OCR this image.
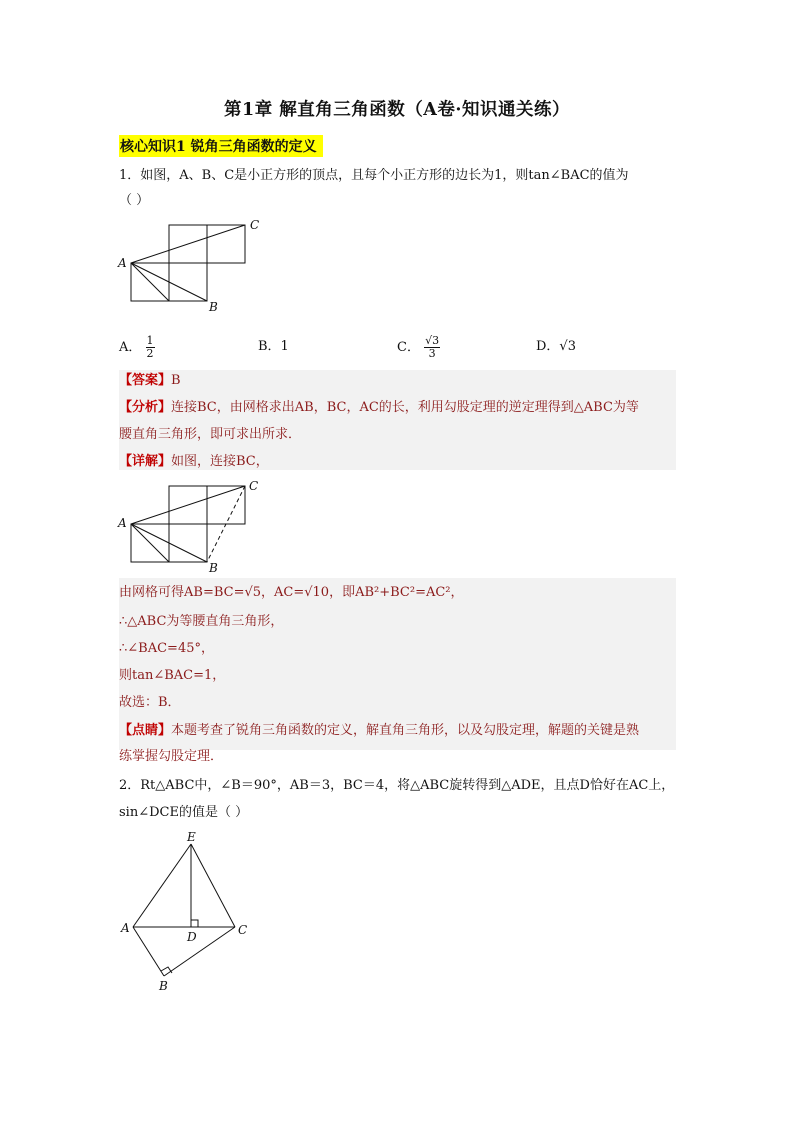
第1章 解直角三角函数（A卷·知识通关练）
核心知识1 锐角三角函数的定义
1．如图，A、B、C是小正方形的顶点，且每个小正方形的边长为1，则tan∠BAC的值为
（ ）
A
C
B
A． $\frac{1}{2}$	B．1	C． $\frac{√3}{3}$	D．√3
【答案】B
【分析】连接BC，由网格求出AB，BC，AC的长，利用勾股定理的逆定理得到△ABC为等
腰直角三角形，即可求出所求．
【详解】如图，连接BC，
A
C
B
由网格可得AB=BC=√5，AC=√10，即AB²+BC²=AC²，
∴△ABC为等腰直角三角形，
∴∠BAC=45°，
则tan∠BAC=1，
故选：B．
【点睛】本题考查了锐角三角函数的定义，解直角三角形，以及勾股定理，解题的关键是熟
练掌握勾股定理．
2．Rt△ABC中，∠B＝90°，AB＝3，BC＝4，将△ABC旋转得到△ADE，且点D恰好在AC上，
sin∠DCE的值是（ ）
E
A
D	C
B
